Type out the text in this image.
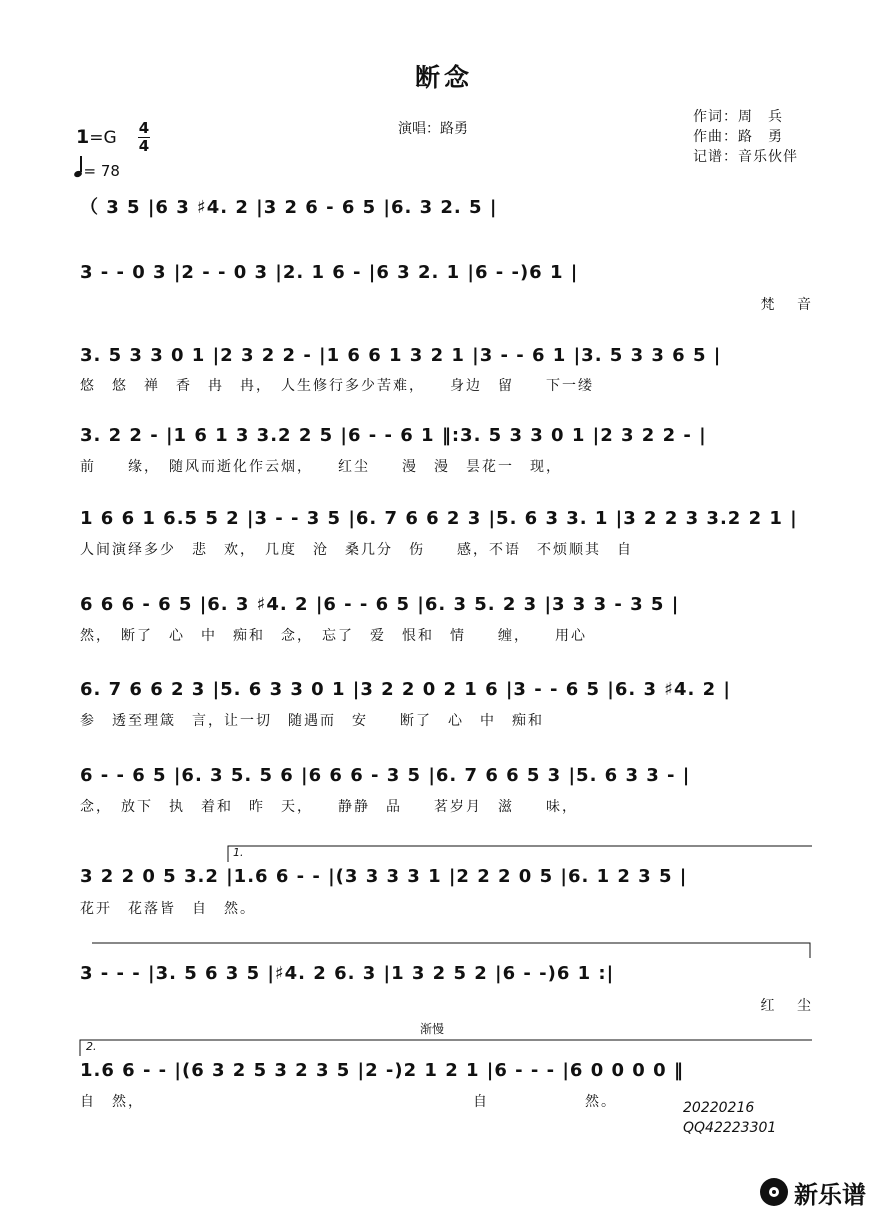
断念
演唱：路勇
作词：周　兵
作曲：路　勇
记谱：音乐伙伴
1=G 4
4
= 78
（ 3 5 |6 3 ♯4. 2 |3 2 6 - 6 5 |6. 3 2. 5 |
3 - - 0 3 |2 - - 0 3 |2. 1 6 - |6 3 2. 1 |6 - -)6 1 |
梵 音
3. 5 3 3 0 1 |2 3 2 2 - |1 6 6 1 3 2 1 |3 - - 6 1 |3. 5 3 3 6 5 |
悠　悠　禅　香　冉　冉，　人生修行多少苦难，　　身边　留　　下一缕
3. 2 2 - |1 6 1 3 3.2 2 5 |6 - - 6 1 ‖:3. 5 3 3 0 1 |2 3 2 2 - |
前　　缘，　随风而逝化作云烟，　　红尘　　漫　漫　昙花一　现，
1 6 6 1 6.5 5 2 |3 - - 3 5 |6. 7 6 6 2 3 |5. 6 3 3. 1 |3 2 2 3 3.2 2 1 |
人间演绎多少　悲　欢，　几度　沧　桑几分　伤　　感，不语　不烦顺其　自
6 6 6 - 6 5 |6. 3 ♯4. 2 |6 - - 6 5 |6. 3 5. 2 3 |3 3 3 - 3 5 |
然，　断了　心　中　痴和　念，　忘了　爱　恨和　情　　缠，　　用心
6. 7 6 6 2 3 |5. 6 3 3 0 1 |3 2 2 0 2 1 6 |3 - - 6 5 |6. 3 ♯4. 2 |
参　透至理箴　言，让一切　随遇而　安　　断了　心　中　痴和
6 - - 6 5 |6. 3 5. 5 6 |6 6 6 - 3 5 |6. 7 6 6 5 3 |5. 6 3 3 - |
念，　放下　执　着和　昨　天，　　静静　品　　茗岁月　滋　　味，
3 2 2 0 5 3.2 |1.6 6 - - |(3 3 3 3 1 |2 2 2 0 5 |6. 1 2 3 5 |
花开　花落皆　自　然。
3 - - - |3. 5 6 3 5 |♯4. 2 6. 3 |1 3 2 5 2 |6 - -)6 1 :|
红 尘
1.6 6 - - |(6 3 2 5 3 2 3 5 |2 -)2 1 2 1 |6 - - - |6 0 0 0 0 ‖
自　然，　　　　　　　　　　　　　　　　　　　　　自　　　　　　然。
渐慢
1.
2.
20220216
QQ42223301
新乐谱
